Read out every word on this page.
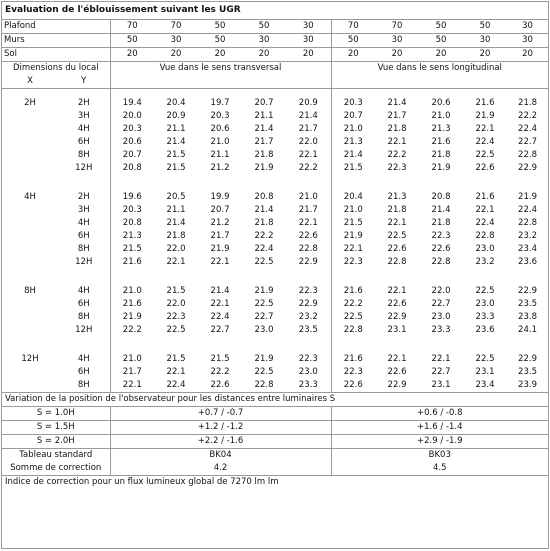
Evaluation de l'éblouissement suivant les UGR
Plafond		70	70	50	50	30	70	70	50	50	30
Murs		50	30	50	30	30	50	30	50	30	30
Sol		20	20	20	20	20	20	20	20	20	20
Dimensions du local		Vue dans le sens transversal					Vue dans le sens longitudinal				
X	Y										

2H	2H	19.4	20.4	19.7	20.7	20.9	20.3	21.4	20.6	21.6	21.8
	3H	20.0	20.9	20.3	21.1	21.4	20.7	21.7	21.0	21.9	22.2
	4H	20.3	21.1	20.6	21.4	21.7	21.0	21.8	21.3	22.1	22.4
	6H	20.6	21.4	21.0	21.7	22.0	21.3	22.1	21.6	22.4	22.7
	8H	20.7	21.5	21.1	21.8	22.1	21.4	22.2	21.8	22.5	22.8
	12H	20.8	21.5	21.2	21.9	22.2	21.5	22.3	21.9	22.6	22.9

4H	2H	19.6	20.5	19.9	20.8	21.0	20.4	21.3	20.8	21.6	21.9
	3H	20.3	21.1	20.7	21.4	21.7	21.0	21.8	21.4	22.1	22.4
	4H	20.8	21.4	21.2	21.8	22.1	21.5	22.1	21.8	22.4	22.8
	6H	21.3	21.8	21.7	22.2	22.6	21.9	22.5	22.3	22.8	23.2
	8H	21.5	22.0	21.9	22.4	22.8	22.1	22.6	22.6	23.0	23.4
	12H	21.6	22.1	22.1	22.5	22.9	22.3	22.8	22.8	23.2	23.6

8H	4H	21.0	21.5	21.4	21.9	22.3	21.6	22.1	22.0	22.5	22.9
	6H	21.6	22.0	22.1	22.5	22.9	22.2	22.6	22.7	23.0	23.5
	8H	21.9	22.3	22.4	22.7	23.2	22.5	22.9	23.0	23.3	23.8
	12H	22.2	22.5	22.7	23.0	23.5	22.8	23.1	23.3	23.6	24.1

12H	4H	21.0	21.5	21.5	21.9	22.3	21.6	22.1	22.1	22.5	22.9
	6H	21.7	22.1	22.2	22.5	23.0	22.3	22.6	22.7	23.1	23.5
	8H	22.1	22.4	22.6	22.8	23.3	22.6	22.9	23.1	23.4	23.9
Variation de la position de l'observateur pour les distances entre luminaires S											
S = 1.0H		+0.7 / -0.7					+0.6 / -0.8				
S = 1.5H		+1.2 / -1.2					+1.6 / -1.4				
S = 2.0H		+2.2 / -1.6					+2.9 / -1.9				
Tableau standard		BK04					BK03				
Somme de correction		4.2					4.5				
Indice de correction pour un flux lumineux global de 7270 lm lm											
